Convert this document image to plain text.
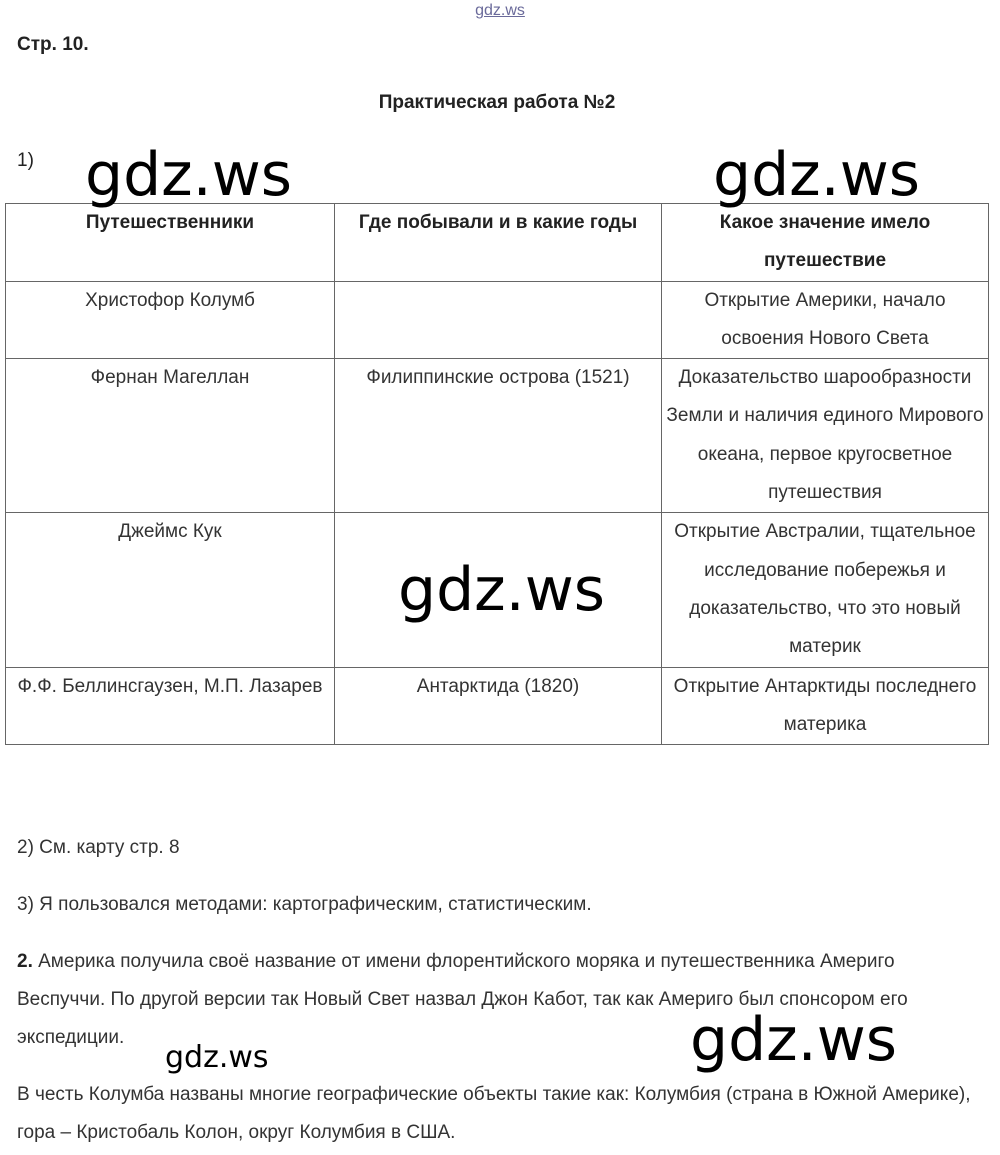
gdz.ws
Стр. 10.
Практическая работа №2
1)
Путешественники	Где побывали и в какие годы	Какое значение имело путешествие
Христофор Колумб		Открытие Америки, начало освоения Нового Света
Фернан Магеллан	Филиппинские острова (1521)	Доказательство шарообразности Земли и наличия единого Мирового океана, первое кругосветное путешествия
Джеймс Кук		Открытие Австралии, тщательное исследование побережья и доказательство, что это новый материк
Ф.Ф. Беллинсгаузен, М.П. Лазарев	Антарктида (1820)	Открытие Антарктиды последнего материка
2) См. карту стр. 8
3) Я пользовался методами: картографическим, статистическим.
2. Америка получила своё название от имени флорентийского моряка и путешественника Америго Веспуччи. По другой версии так Новый Свет назвал Джон Кабот, так как Америго был спонсором его экспедиции.
В честь Колумба названы многие географические объекты такие как: Колумбия (страна в Южной Америке), гора – Кристобаль Колон, округ Колумбия в США.
gdz.ws	gdz.ws
gdz.ws
gdz.ws
gdz.ws
